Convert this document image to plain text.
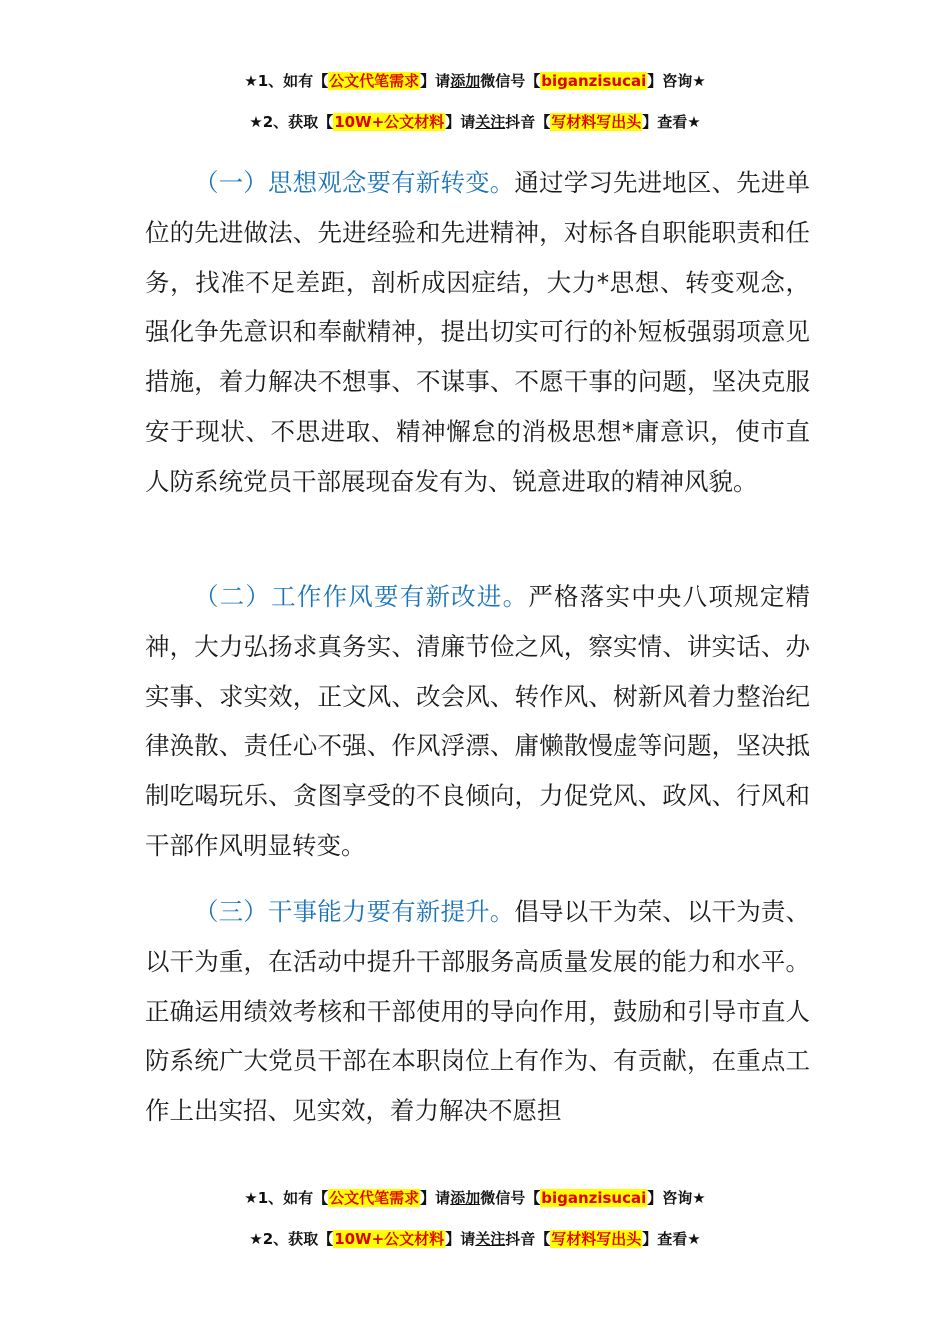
★1、如有【公文代笔需求】请添加微信号【biganzisucai】咨询★
★2、获取【10W+公文材料】请关注抖音【写材料写出头】查看★

（一）思想观念要有新转变。通过学习先进地区、先进单位的先进做法、先进经验和先进精神，对标各自职能职责和任务，找准不足差距，剖析成因症结，大力*思想、转变观念，强化争先意识和奉献精神，提出切实可行的补短板强弱项意见措施，着力解决不想事、不谋事、不愿干事的问题，坚决克服安于现状、不思进取、精神懈怠的消极思想*庸意识，使市直人防系统党员干部展现奋发有为、锐意进取的精神风貌。

（二）工作作风要有新改进。严格落实中央八项规定精神，大力弘扬求真务实、清廉节俭之风，察实情、讲实话、办实事、求实效，正文风、改会风、转作风、树新风着力整治纪律涣散、责任心不强、作风浮漂、庸懒散慢虚等问题，坚决抵制吃喝玩乐、贪图享受的不良倾向，力促党风、政风、行风和干部作风明显转变。

（三）干事能力要有新提升。倡导以干为荣、以干为责、以干为重，在活动中提升干部服务高质量发展的能力和水平。正确运用绩效考核和干部使用的导向作用，鼓励和引导市直人防系统广大党员干部在本职岗位上有作为、有贡献，在重点工作上出实招、见实效，着力解决不愿担

★1、如有【公文代笔需求】请添加微信号【biganzisucai】咨询★
★2、获取【10W+公文材料】请关注抖音【写材料写出头】查看★
